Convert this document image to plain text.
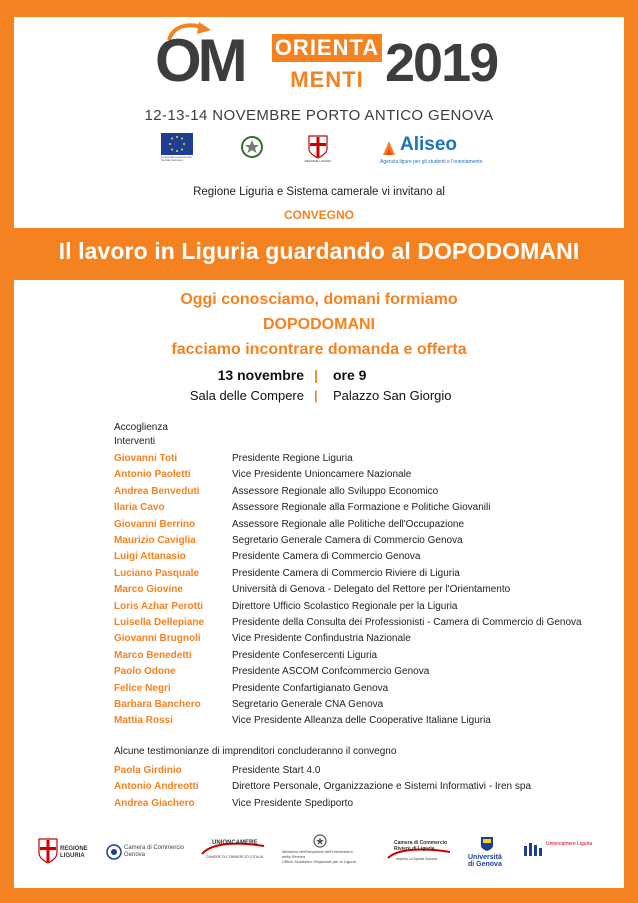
OM ORIENTA
MENTI 2019
12-13-14 NOVEMBRE PORTO ANTICO GENOVA
Unione Europea Fondo Sociale Europeo	REGIONE LIGURIA
Aliseo
Agenzia ligure per gli studenti e l'orientamento
Regione Liguria e Sistema camerale vi invitano al
CONVEGNO
Il lavoro in Liguria guardando al DOPODOMANI
Oggi conosciamo, domani formiamo
DOPODOMANI
facciamo incontrare domanda e offerta
13 novembre | ore 9
Sala delle Compere | Palazzo San Giorgio
Accoglienza
Interventi
Giovanni Toti	Presidente Regione Liguria
Antonio Paoletti	Vice Presidente Unioncamere Nazionale
Andrea Benveduti	Assessore Regionale allo Sviluppo Economico
Ilaria Cavo	Assessore Regionale alla Formazione e Politiche Giovanili
Giovanni Berrino	Assessore Regionale alle Politiche dell'Occupazione
Maurizio Caviglia	Segretario Generale Camera di Commercio Genova
Luigi Attanasio	Presidente Camera di Commercio Genova
Luciano Pasquale	Presidente Camera di Commercio Riviere di Liguria
Marco Giovine	Università di Genova - Delegato del Rettore per l'Orientamento
Loris Azhar Perotti	Direttore Ufficio Scolastico Regionale per la Liguria
Luisella Dellepiane	Presidente della Consulta dei Professionisti - Camera di Commercio di Genova
Giovanni Brugnoli	Vice Presidente Confindustria Nazionale
Marco Benedetti	Presidente Confesercenti Liguria
Paolo Odone	Presidente ASCOM Confcommercio Genova
Felice Negri	Presidente Confartigianato Genova
Barbara Banchero	Segretario Generale CNA Genova
Mattia Rossi	Vice Presidente Alleanza delle Cooperative Italiane Liguria
Alcune testimonianze di imprenditori concluderanno il convegno
Paola Girdinio	Presidente Start 4.0
Antonio Andreotti	Direttore Personale, Organizzazione e Sistemi Informativi - Iren spa
Andrea Giachero	Vice Presidente Spediporto
REGIONE LIGURIA
Camera di Commercio Genova
UNIONCAMERE
CAMERE DI COMMERCIO D'ITALIA
Ministero dell'Istruzione dell'Università e della Ricerca
Ufficio Scolastico Regionale per la Liguria
Camera di Commercio Riviere di Liguria
Imperia La Spezia Savona	Università
di Genova
Unioncamere Liguria
